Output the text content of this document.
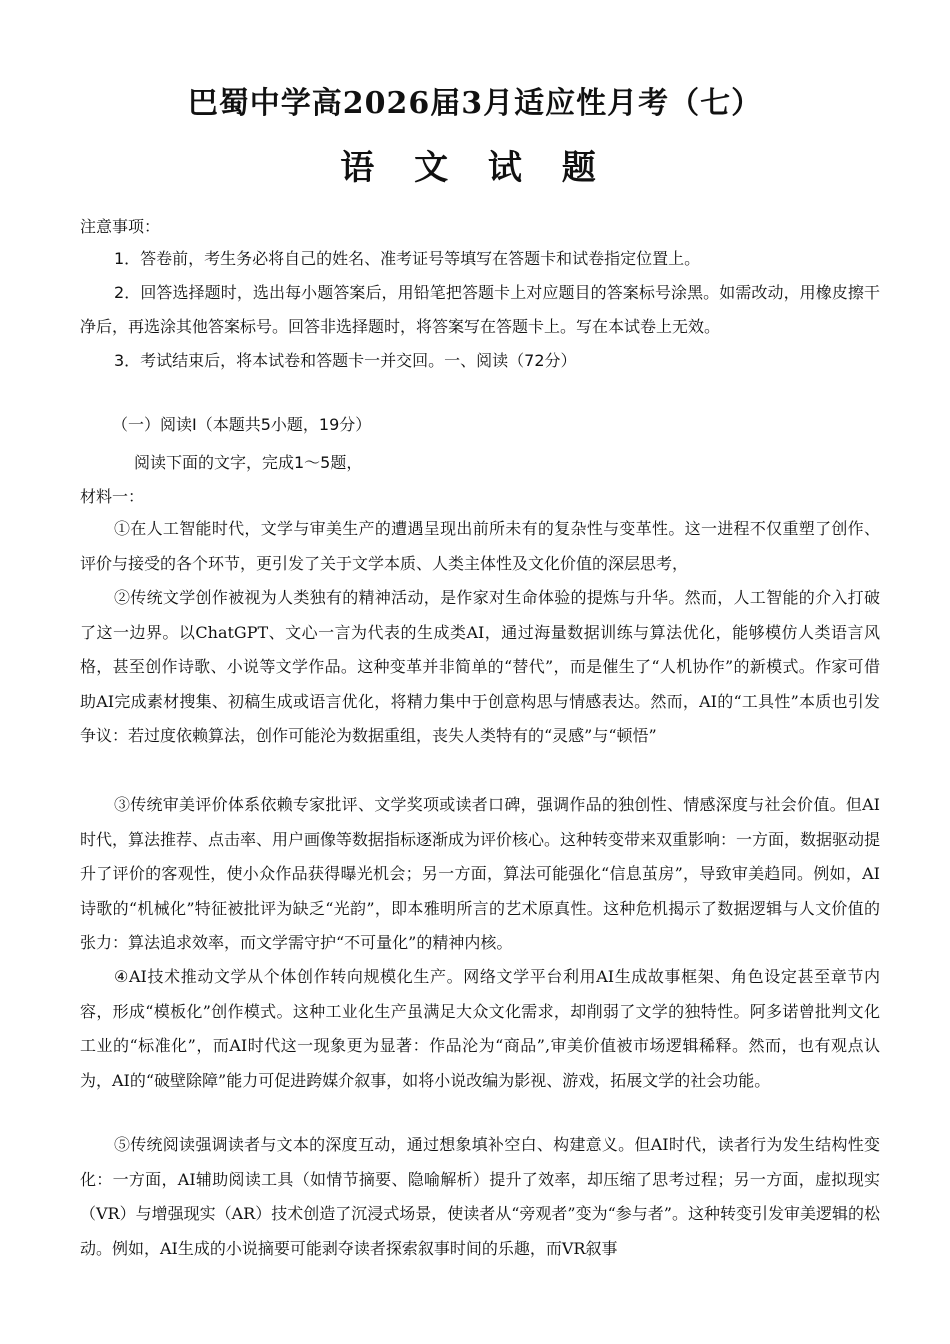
巴蜀中学高2026届3月适应性月考（七）
语 文 试 题
注意事项：
1．答卷前，考生务必将自己的姓名、准考证号等填写在答题卡和试卷指定位置上。
2．回答选择题时，选出每小题答案后，用铅笔把答题卡上对应题目的答案标号涂黑。如需改动，用橡皮擦干净后，再选涂其他答案标号。回答非选择题时，将答案写在答题卡上。写在本试卷上无效。
3．考试结束后，将本试卷和答题卡一并交回。一、阅读（72分）
（一）阅读Ⅰ（本题共5小题，19分）
阅读下面的文字，完成1～5题，
材料一：
①在人工智能时代，文学与审美生产的遭遇呈现出前所未有的复杂性与变革性。这一进程不仅重塑了创作、评价与接受的各个环节，更引发了关于文学本质、人类主体性及文化价值的深层思考，
②传统文学创作被视为人类独有的精神活动，是作家对生命体验的提炼与升华。然而，人工智能的介入打破了这一边界。以ChatGPT、文心一言为代表的生成类AI，通过海量数据训练与算法优化，能够模仿人类语言风格，甚至创作诗歌、小说等文学作品。这种变革并非简单的“替代”，而是催生了“人机协作”的新模式。作家可借助AI完成素材搜集、初稿生成或语言优化，将精力集中于创意构思与情感表达。然而，AI的“工具性”本质也引发争议：若过度依赖算法，创作可能沦为数据重组，丧失人类特有的“灵感”与“顿悟”
③传统审美评价体系依赖专家批评、文学奖项或读者口碑，强调作品的独创性、情感深度与社会价值。但AI时代，算法推荐、点击率、用户画像等数据指标逐渐成为评价核心。这种转变带来双重影响：一方面，数据驱动提升了评价的客观性，使小众作品获得曝光机会；另一方面，算法可能强化“信息茧房”，导致审美趋同。例如，AI诗歌的“机械化”特征被批评为缺乏“光韵”，即本雅明所言的艺术原真性。这种危机揭示了数据逻辑与人文价值的张力：算法追求效率，而文学需守护“不可量化”的精神内核。
④AI技术推动文学从个体创作转向规模化生产。网络文学平台利用AI生成故事框架、角色设定甚至章节内容，形成“模板化”创作模式。这种工业化生产虽满足大众文化需求，却削弱了文学的独特性。阿多诺曾批判文化工业的“标准化”，而AI时代这一现象更为显著：作品沦为“商品”,审美价值被市场逻辑稀释。然而，也有观点认为，AI的“破壁除障”能力可促进跨媒介叙事，如将小说改编为影视、游戏，拓展文学的社会功能。
⑤传统阅读强调读者与文本的深度互动，通过想象填补空白、构建意义。但AI时代，读者行为发生结构性变化：一方面，AI辅助阅读工具（如情节摘要、隐喻解析）提升了效率，却压缩了思考过程；另一方面，虚拟现实（VR）与增强现实（AR）技术创造了沉浸式场景，使读者从“旁观者”变为“参与者”。这种转变引发审美逻辑的松动。例如，AI生成的小说摘要可能剥夺读者探索叙事时间的乐趣，而VR叙事
